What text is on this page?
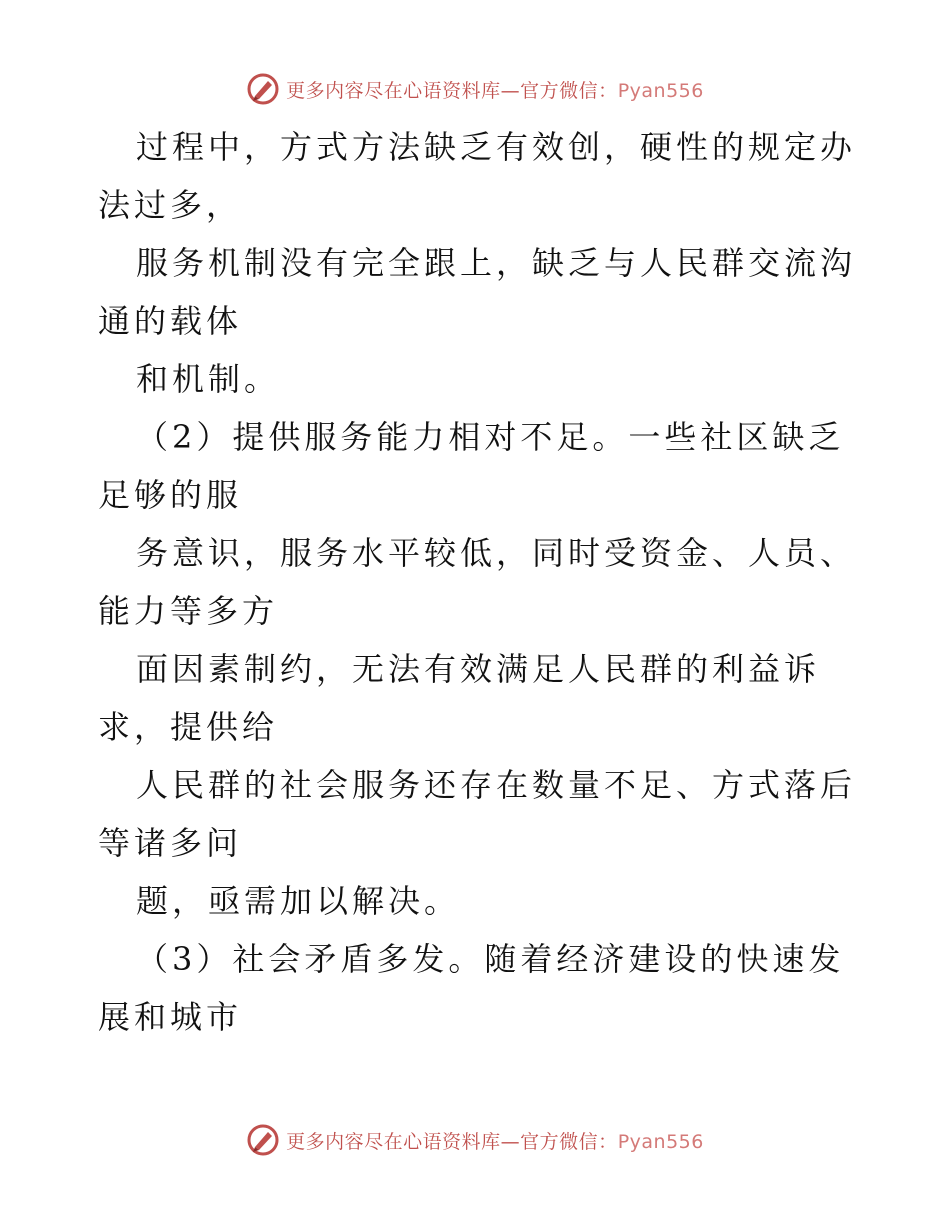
更多内容尽在心语资料库—官方微信：Pyan556

过程中，方式方法缺乏有效创，硬性的规定办法过多，

服务机制没有完全跟上，缺乏与人民群交流沟通的载体

和机制。

（2）提供服务能力相对不足。一些社区缺乏足够的服

务意识，服务水平较低，同时受资金、人员、能力等多方

面因素制约，无法有效满足人民群的利益诉求，提供给

人民群的社会服务还存在数量不足、方式落后等诸多问

题，亟需加以解决。

（3）社会矛盾多发。随着经济建设的快速发展和城市

更多内容尽在心语资料库—官方微信：Pyan556
